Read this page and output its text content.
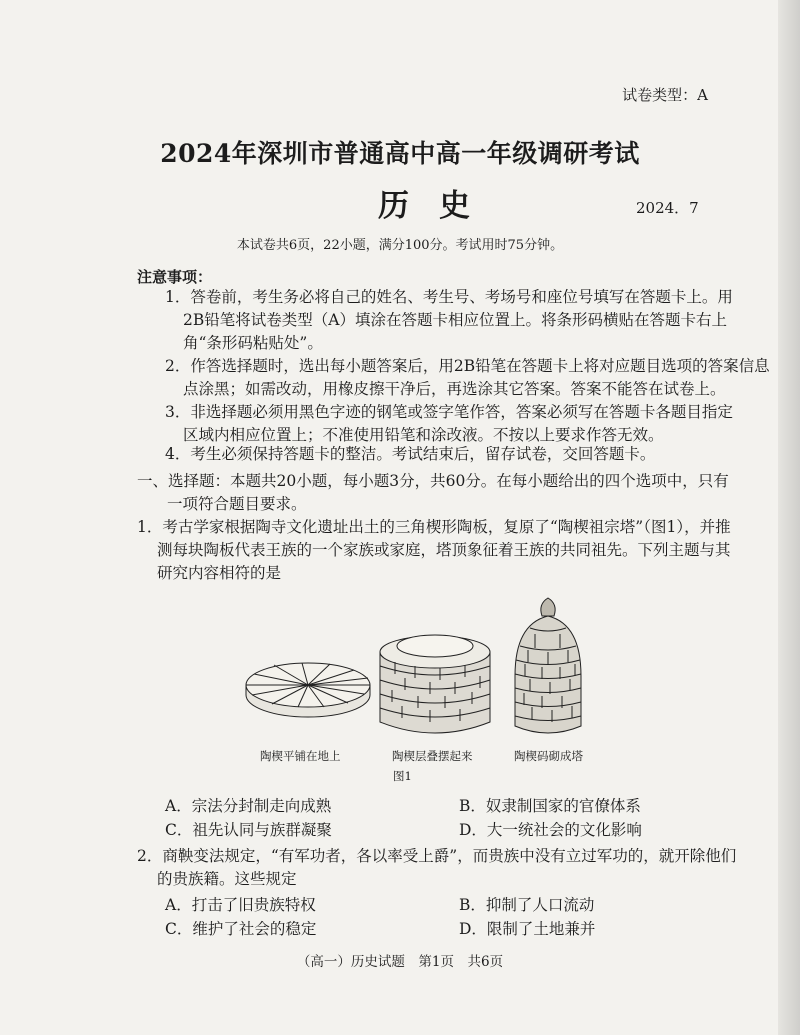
试卷类型：A
2024年深圳市普通高中高一年级调研考试
历史	2024．7
本试卷共6页，22小题，满分100分。考试用时75分钟。
注意事项：
1．答卷前，考生务必将自己的姓名、考生号、考场号和座位号填写在答题卡上。用
2B铅笔将试卷类型（A）填涂在答题卡相应位置上。将条形码横贴在答题卡右上
角“条形码粘贴处”。
2．作答选择题时，选出每小题答案后，用2B铅笔在答题卡上将对应题目选项的答案信息
点涂黑；如需改动，用橡皮擦干净后，再选涂其它答案。答案不能答在试卷上。
3．非选择题必须用黑色字迹的钢笔或签字笔作答，答案必须写在答题卡各题目指定
区域内相应位置上；不准使用铅笔和涂改液。不按以上要求作答无效。
4．考生必须保持答题卡的整洁。考试结束后，留存试卷，交回答题卡。
一、选择题：本题共20小题，每小题3分，共60分。在每小题给出的四个选项中，只有
一项符合题目要求。
1．考古学家根据陶寺文化遗址出土的三角楔形陶板，复原了“陶楔祖宗塔”（图1），并推
测每块陶板代表王族的一个家族或家庭，塔顶象征着王族的共同祖先。下列主题与其
研究内容相符的是
陶楔平铺在地上	陶楔层叠摆起来	陶楔码砌成塔
图1
A．宗法分封制走向成熟	B．奴隶制国家的官僚体系
C．祖先认同与族群凝聚	D．大一统社会的文化影响
2．商鞅变法规定，“有军功者，各以率受上爵”，而贵族中没有立过军功的，就开除他们
的贵族籍。这些规定
A．打击了旧贵族特权	B．抑制了人口流动
C．维护了社会的稳定	D．限制了土地兼并
（高一）历史试题　第1页　共6页
